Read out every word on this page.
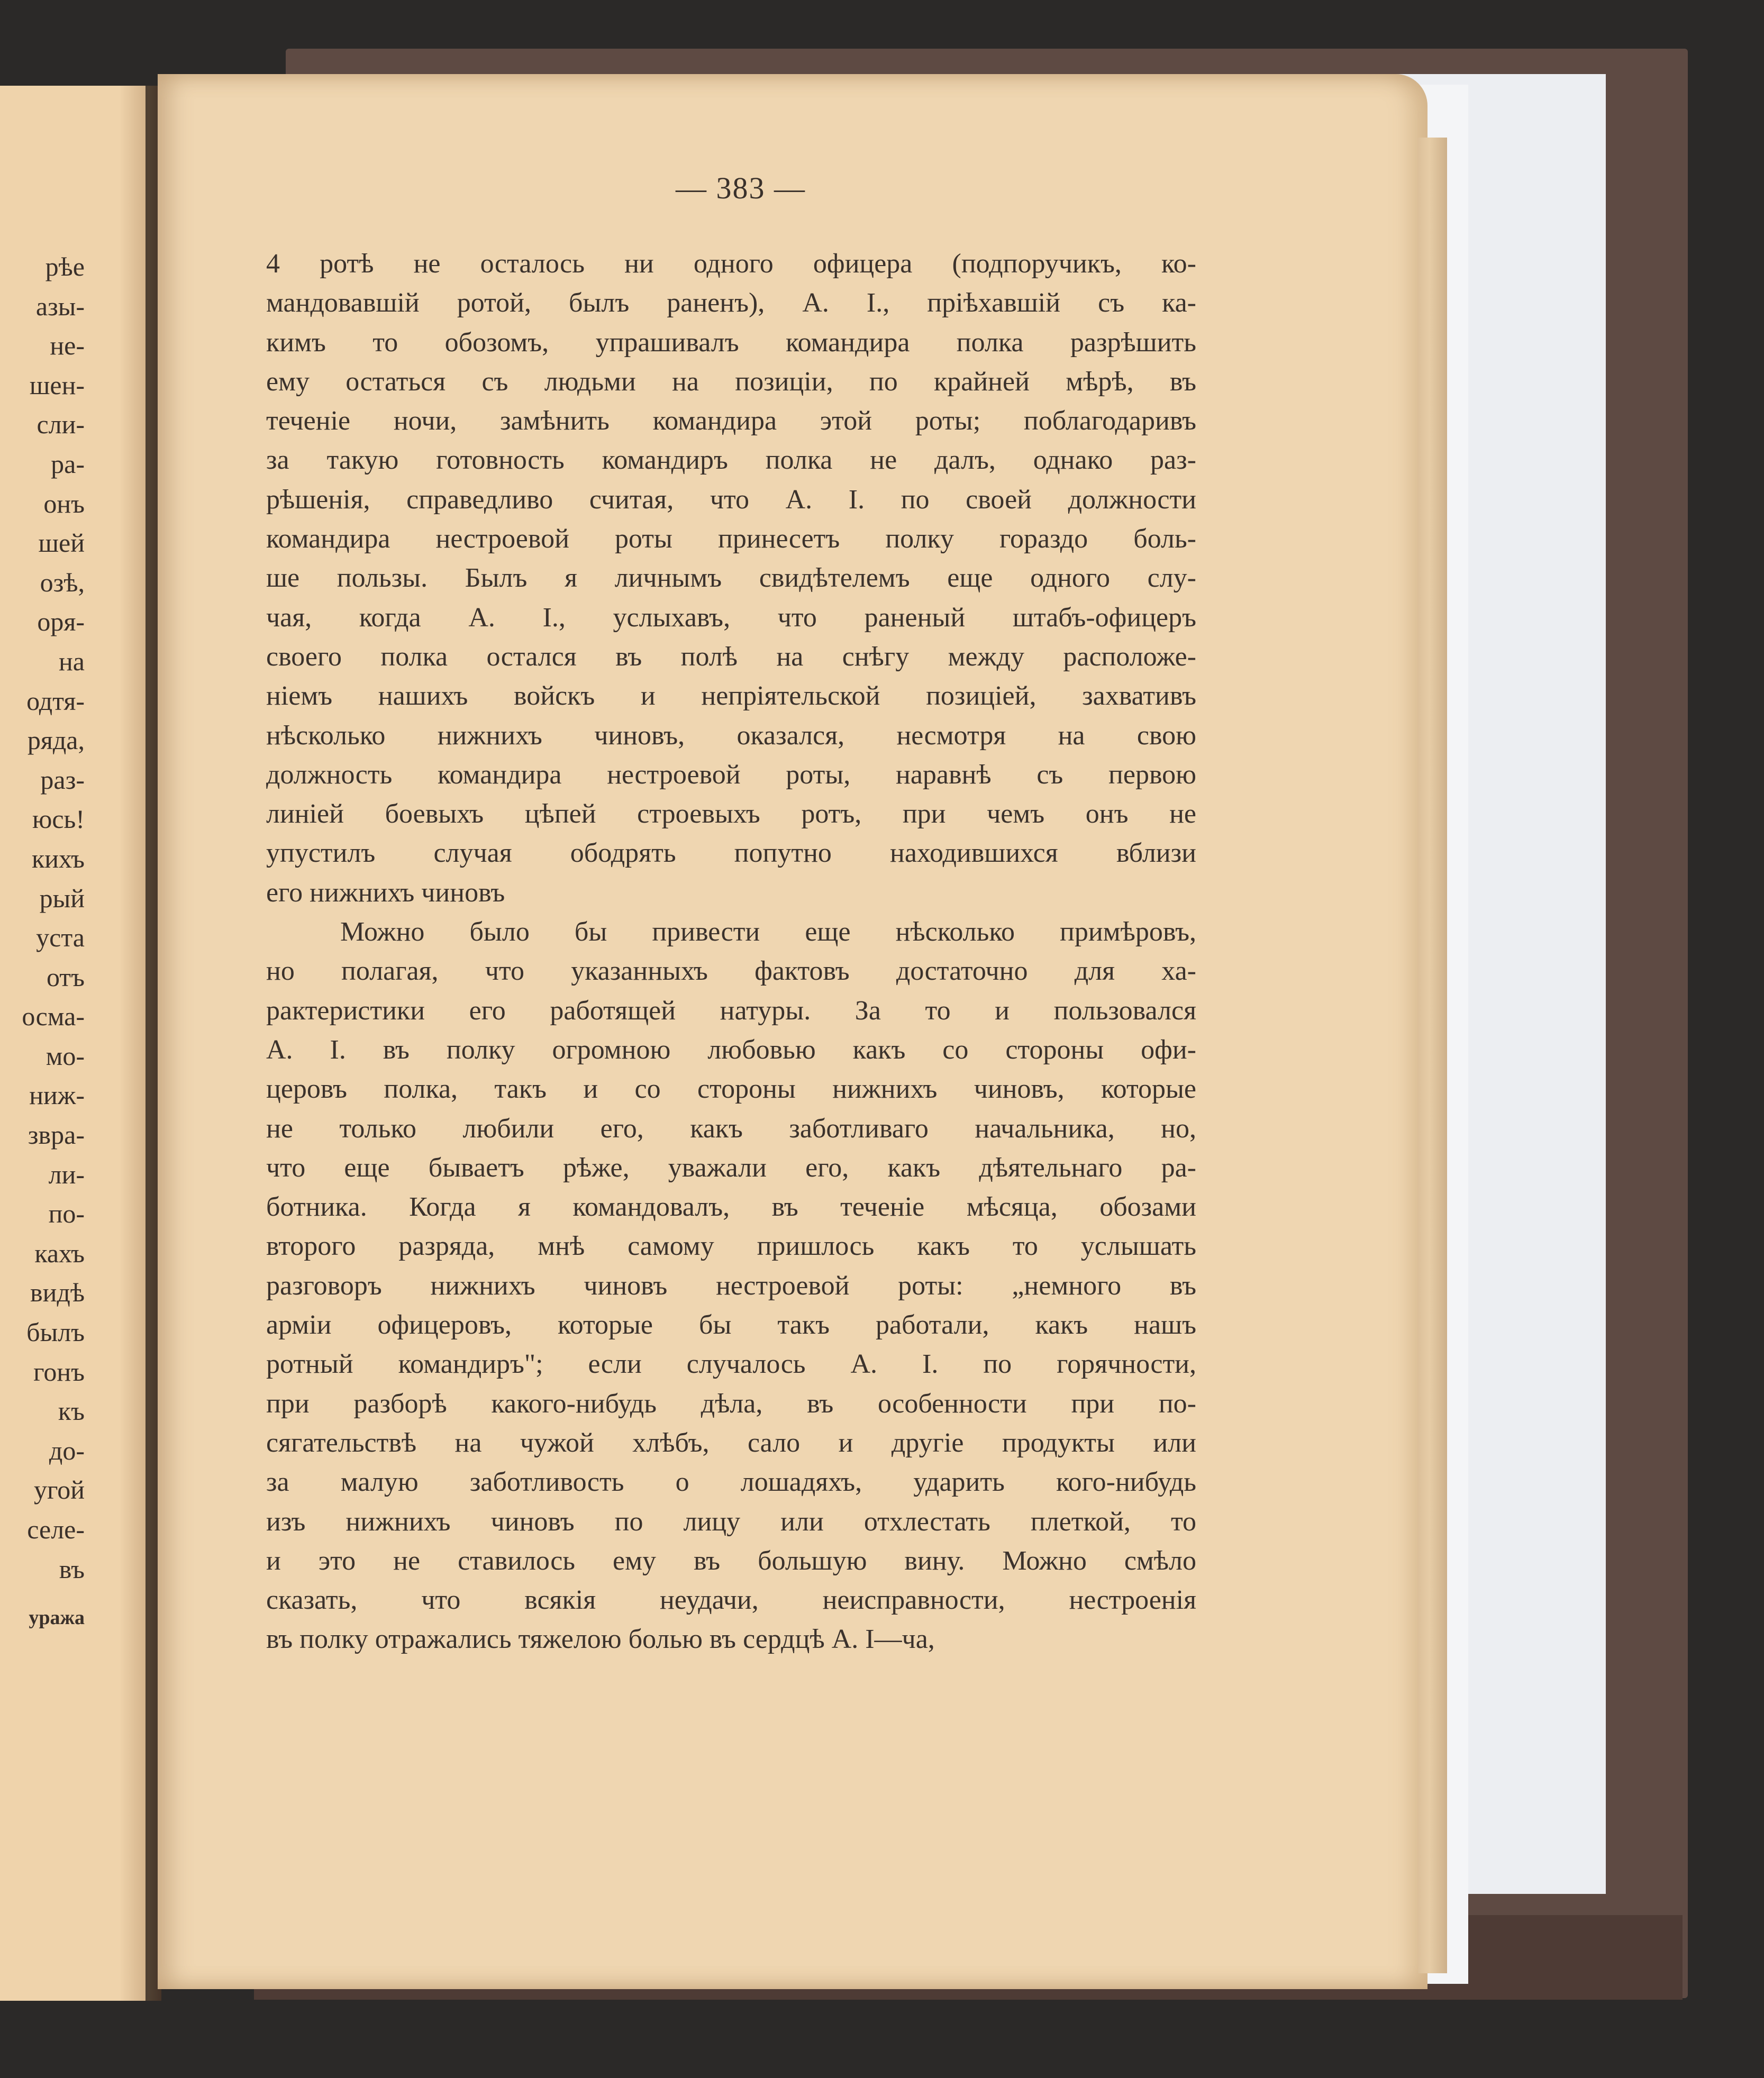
рѣе
азы-
не-
шен-
сли-
ра-
онъ
шей
озѣ,
оря-
на
одтя-
ряда,
раз-
юсь!
кихъ
рый
уста
отъ
осма-
мо-
ниж-
звра-
ли-
по-
кахъ
видѣ
былъ
гонъ
къ
до-
угой
селе-
въ
уража
— 383 —
4 ротѣ не осталось ни одного офицера (подпоручикъ, ко-
мандовавшій ротой, былъ раненъ), А. I., пріѣхавшій съ ка-
кимъ то обозомъ, упрашивалъ командира полка разрѣшить
ему остаться съ людьми на позиціи, по крайней мѣрѣ, въ
теченіе ночи, замѣнить командира этой роты; поблагодаривъ
за такую готовность командиръ полка не далъ, однако раз-
рѣшенія, справедливо считая, что А. I. по своей должности
командира нестроевой роты принесетъ полку гораздо боль-
ше пользы. Былъ я личнымъ свидѣтелемъ еще одного слу-
чая, когда А. I., услыхавъ, что раненый штабъ-офицеръ
своего полка остался въ полѣ на снѣгу между расположе-
ніемъ нашихъ войскъ и непріятельской позиціей, захвативъ
нѣсколько нижнихъ чиновъ, оказался, несмотря на свою
должность командира нестроевой роты, наравнѣ съ первою
линіей боевыхъ цѣпей строевыхъ ротъ, при чемъ онъ не
упустилъ случая ободрять попутно находившихся вблизи
его нижнихъ чиновъ
Можно было бы привести еще нѣсколько примѣровъ,
но полагая, что указанныхъ фактовъ достаточно для ха-
рактеристики его работящей натуры. За то и пользовался
А. I. въ полку огромною любовью какъ со стороны офи-
церовъ полка, такъ и со стороны нижнихъ чиновъ, которые
не только любили его, какъ заботливаго начальника, но,
что еще бываетъ рѣже, уважали его, какъ дѣятельнаго ра-
ботника. Когда я командовалъ, въ теченіе мѣсяца, обозами
второго разряда, мнѣ самому пришлось какъ то услышать
разговоръ нижнихъ чиновъ нестроевой роты: „немного въ
арміи офицеровъ, которые бы такъ работали, какъ нашъ
ротный командиръ"; если случалось А. I. по горячности,
при разборѣ какого-нибудь дѣла, въ особенности при по-
сягательствѣ на чужой хлѣбъ, сало и другіе продукты или
за малую заботливость о лошадяхъ, ударить кого-нибудь
изъ нижнихъ чиновъ по лицу или отхлестать плеткой, то
и это не ставилось ему въ большую вину. Можно смѣло
сказать, что всякія неудачи, неисправности, нестроенія
въ полку отражались тяжелою болью въ сердцѣ А. I—ча,
